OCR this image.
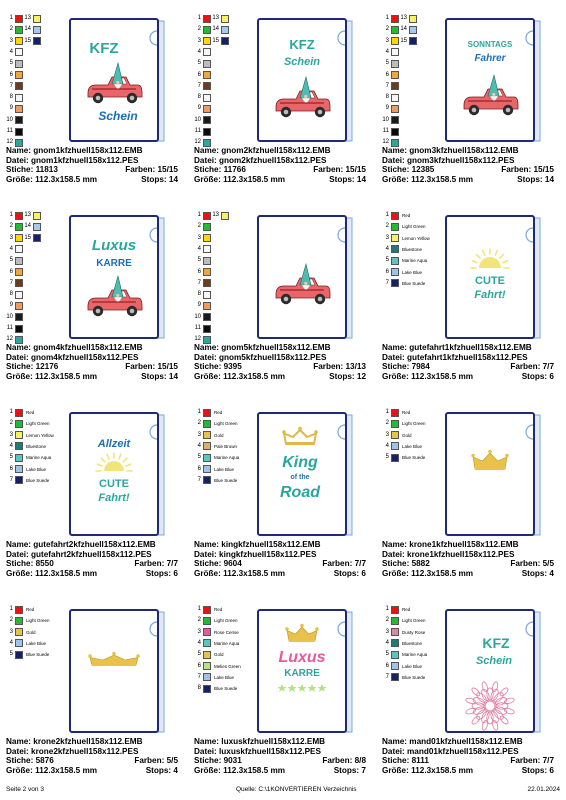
1
2
3
4
5
6
7
8
9
10
11
12
13
14
15	KFZ
Schein
Name: gnom1kfzhuell158x112.EMB
Datei: gnom1kfzhuell158x112.PES
Stiche: 11813	Farben: 15/15
Größe: 112.3x158.5 mm	Stops: 14
1
2
3
4
5
6
7
8
9
10
11
12
13
14
15	KFZ
Schein
Name: gnom2kfzhuell158x112.EMB
Datei: gnom2kfzhuell158x112.PES
Stiche: 11766	Farben: 15/15
Größe: 112.3x158.5 mm	Stops: 14
1
2
3
4
5
6
7
8
9
10
11
12
13
14
15	SONNTAGS
Fahrer
Name: gnom3kfzhuell158x112.EMB
Datei: gnom3kfzhuell158x112.PES
Stiche: 12385	Farben: 15/15
Größe: 112.3x158.5 mm	Stops: 14
1
2
3
4
5
6
7
8
9
10
11
12
13
14
15	Luxus
KARRE
Name: gnom4kfzhuell158x112.EMB
Datei: gnom4kfzhuell158x112.PES
Stiche: 12176	Farben: 15/15
Größe: 112.3x158.5 mm	Stops: 14
1
2
3
4
5
6
7
8
9
10
11
12
13
Name: gnom5kfzhuell158x112.EMB
Datei: gnom5kfzhuell158x112.PES
Stiche: 9395	Farben: 13/13
Größe: 112.3x158.5 mm	Stops: 12
1	Red
2	Light Green
3	Lemon Yellow
4	Bluestone
5	Marine Aqua
6	Lake Blue
7	Blue Suede	CUTE
Fahrt!
Name: gutefahrt1kfzhuell158x112.EMB
Datei: gutefahrt1kfzhuell158x112.PES
Stiche: 7984	Farben: 7/7
Größe: 112.3x158.5 mm	Stops: 6
1	Red
2	Light Green
3	Lemon Yellow
4	Bluestone
5	Marine Aqua
6	Lake Blue
7	Blue Suede
Allzeit
CUTE
Fahrt!
Name: gutefahrt2kfzhuell158x112.EMB
Datei: gutefahrt2kfzhuell158x112.PES
Stiche: 8550	Farben: 7/7
Größe: 112.3x158.5 mm	Stops: 6
1	Red
2	Light Green
3	Gold
4	Pale Brown
5	Marine Aqua
6	Lake Blue
7	Blue Suede
King
of the
Road
Name: kingkfzhuell158x112.EMB
Datei: kingkfzhuell158x112.PES
Stiche: 9604	Farben: 7/7
Größe: 112.3x158.5 mm	Stops: 6
1	Red
2	Light Green
3	Gold
4	Lake Blue
5	Blue Suede
Name: krone1kfzhuell158x112.EMB
Datei: krone1kfzhuell158x112.PES
Stiche: 5882	Farben: 5/5
Größe: 112.3x158.5 mm	Stops: 4
1	Red
2	Light Green
3	Gold
4	Lake Blue
5	Blue Suede
Name: krone2kfzhuell158x112.EMB
Datei: krone2kfzhuell158x112.PES
Stiche: 5876	Farben: 5/5
Größe: 112.3x158.5 mm	Stops: 4
1	Red
2	Light Green
3	Rose Cerise
4	Marine Aqua
5	Gold
6	Melies Green
7	Lake Blue
8	Blue Suede
Luxus
KARRE
Name: luxuskfzhuell158x112.EMB
Datei: luxuskfzhuell158x112.PES
Stiche: 9031	Farben: 8/8
Größe: 112.3x158.5 mm	Stops: 7
1	Red
2	Light Green
3	Dusty Rose
4	Bluestone
5	Marine Aqua
6	Lake Blue
7	Blue Suede
KFZ
Schein
Name: mand01kfzhuell158x112.EMB
Datei: mand01kfzhuell158x112.PES
Stiche: 8111	Farben: 7/7
Größe: 112.3x158.5 mm	Stops: 6
Seite 2 von 3	Quelle: C:\1KONVERTIEREN Verzeichnis	22.01.2024
